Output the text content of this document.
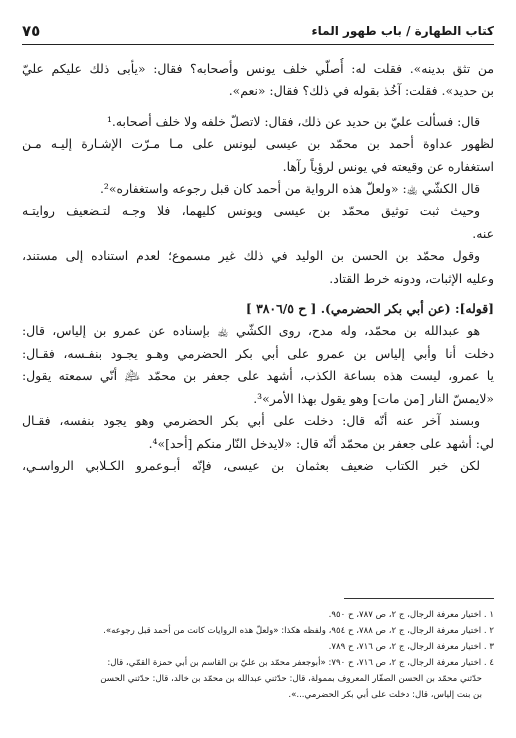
كتاب الطهارة / باب طهور الماء
٧٥
من تثق بدينه». فقلت له: أُصلّي خلف يونس وأصحابه؟ فقال: «يأبى ذلك عليكم عليّ
بن حديد». فقلت: آخُذ بقوله في ذلك؟ فقال: «نعم».
قال: فسألت عليّ بن حديد عن ذلك، فقال: لاتصلّ خلفه ولا خلف أصحابه.¹
لظهور عداوة أحمد بن محمّد بن عيسى ليونس على مـا مـرّت الإشـارة إليـه مـن
استغفاره عن وقيعته في يونس لرؤياً رآها.
قال الكشّي ﵀: «ولعلّ هذه الرواية من أحمد كان قبل رجوعه واستغفاره»².
وحيث ثبت توثيق محمّد بن عيسى ويونس كليهما، فلا وجـه لتـضعيف روايتـه
عنه.
وقول محمّد بن الحسن بن الوليد في ذلك غير مسموع؛ لعدم استناده إلى مستند،
وعليه الإثبات، ودونه خرط القتاد.
[قوله]: (عن أبي بكر الحضرمي). [ ح ٣٨٠٦/٥ ]
هو عبدالله بن محمّد، وله مدح، روى الكشّي ﵀ بإسناده عن عمرو بن إلياس، قال:
دخلت أنا وأبي إلياس بن عمرو على أبي بكر الحضرمي وهـو يجـود بنفـسه، فقـال:
يا عمرو، ليست هذه بساعة الكذب، أشهد على جعفر بن محمّد ﵇ أنّي سمعته يقول:
«لايمسّ النار [من مات] وهو يقول بهذا الأمر»³.
وبسند آخر عنه أنّه قال: دخلت على أبي بكر الحضرمي وهو يجود بنفسه، فقـال
لي: أشهد على جعفر بن محمّد أنّه قال: «لايدخل النّار منكم [أحد]»⁴.
لكن خبر الكتاب ضعيف بعثمان بن عيسى، فإنّه أبـوعمرو الكـلابي الرواسـي،
١ . اختيار معرفة الرجال، ج ٢، ص ٧٨٧، ح ٩٥٠.
٢ . اختيار معرفة الرجال، ج ٢، ص ٧٨٨، ح ٩٥٤، ولفظه هكذا: «ولعلّ هذه الروايات كانت من أحمد قبل رجوعه».
٣ . اختيار معرفة الرجال، ج ٢، ص ٧١٦، ح ٧٨٩.
٤ . اختيار معرفة الرجال، ج ٢، ص ٧١٦، ح ٧٩٠: «أبوجعفر محمّد بن عليّ بن القاسم بن أبي حمزة القمّي، قال:
حدّثني محمّد بن الحسن الصفّار المعروف بممولة، قال: حدّثني عبدالله بن محمّد بن خالد، قال: حدّثني الحسن
بن بنت إلياس، قال: دخلت على أبي بكر الحضرمي...».
